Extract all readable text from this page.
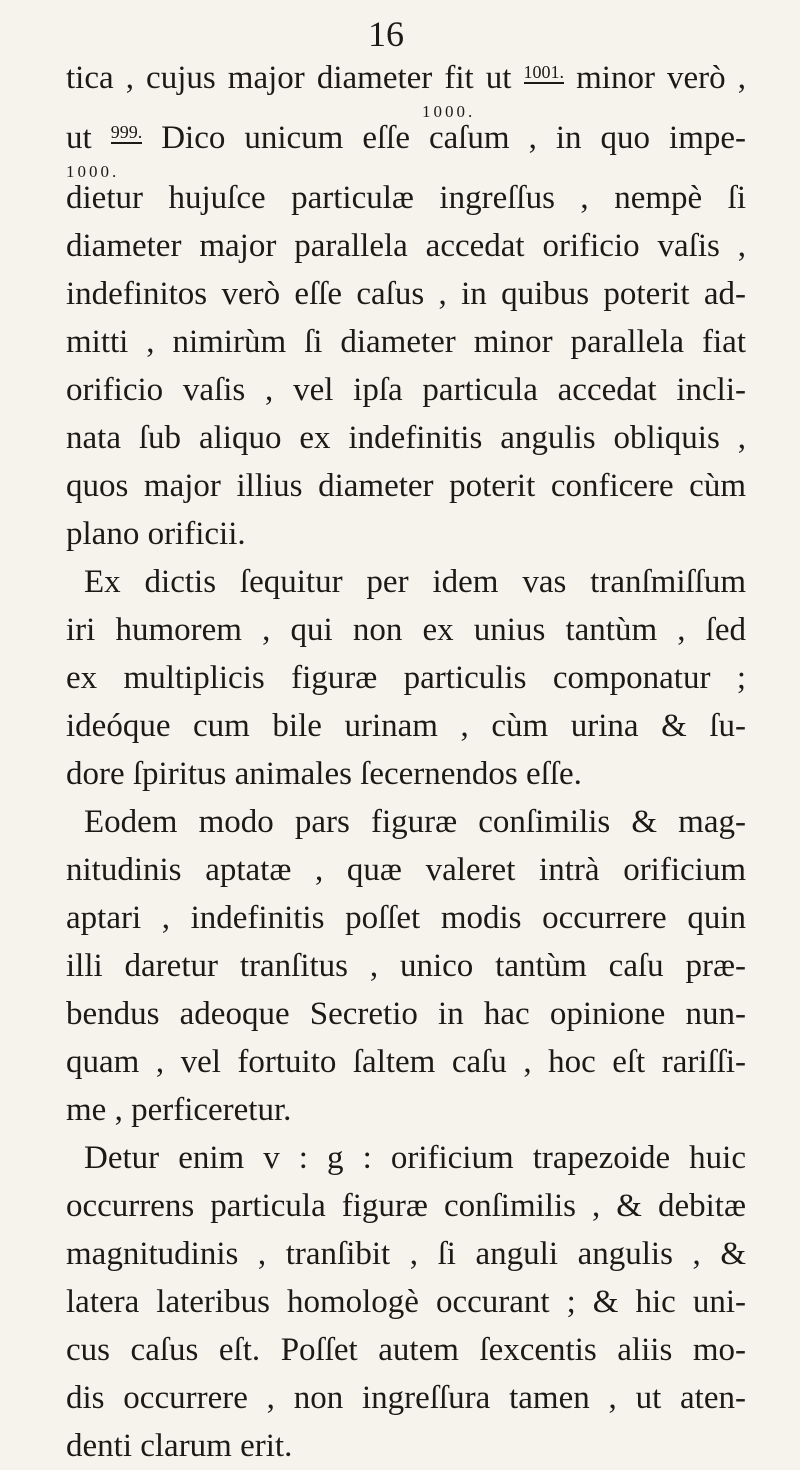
16
tica , cujus major diameter fit ut $^{1001.}$ minor verò ,
1000.
ut $^{999.}$ Dico unicum eſſe caſum , in quo impe-
1000.
dietur hujuſce particulæ ingreſſus , nempè ſi
diameter major parallela accedat orificio vaſis ,
indefinitos verò eſſe caſus , in quibus poterit ad-
mitti , nimirùm ſi diameter minor parallela fiat
orificio vaſis , vel ipſa particula accedat incli-
nata ſub aliquo ex indefinitis angulis obliquis ,
quos major illius diameter poterit conficere cùm
plano orificii.
Ex dictis ſequitur per idem vas tranſmiſſum
iri humorem , qui non ex unius tantùm , ſed
ex multiplicis figuræ particulis componatur ;
ideóque cum bile urinam , cùm urina & ſu-
dore ſpiritus animales ſecernendos eſſe.
Eodem modo pars figuræ conſimilis & mag-
nitudinis aptatæ , quæ valeret intrà orificium
aptari , indefinitis poſſet modis occurrere quin
illi daretur tranſitus , unico tantùm caſu præ-
bendus adeoque Secretio in hac opinione nun-
quam , vel fortuito ſaltem caſu , hoc eſt rariſſi-
me , perficeretur.
Detur enim v : g : orificium trapezoide huic
occurrens particula figuræ conſimilis , & debitæ
magnitudinis , tranſibit , ſi anguli angulis , &
latera lateribus homologè occurant ; & hic uni-
cus caſus eſt. Poſſet autem ſexcentis aliis mo-
dis occurrere , non ingreſſura tamen , ut aten-
denti clarum erit.
